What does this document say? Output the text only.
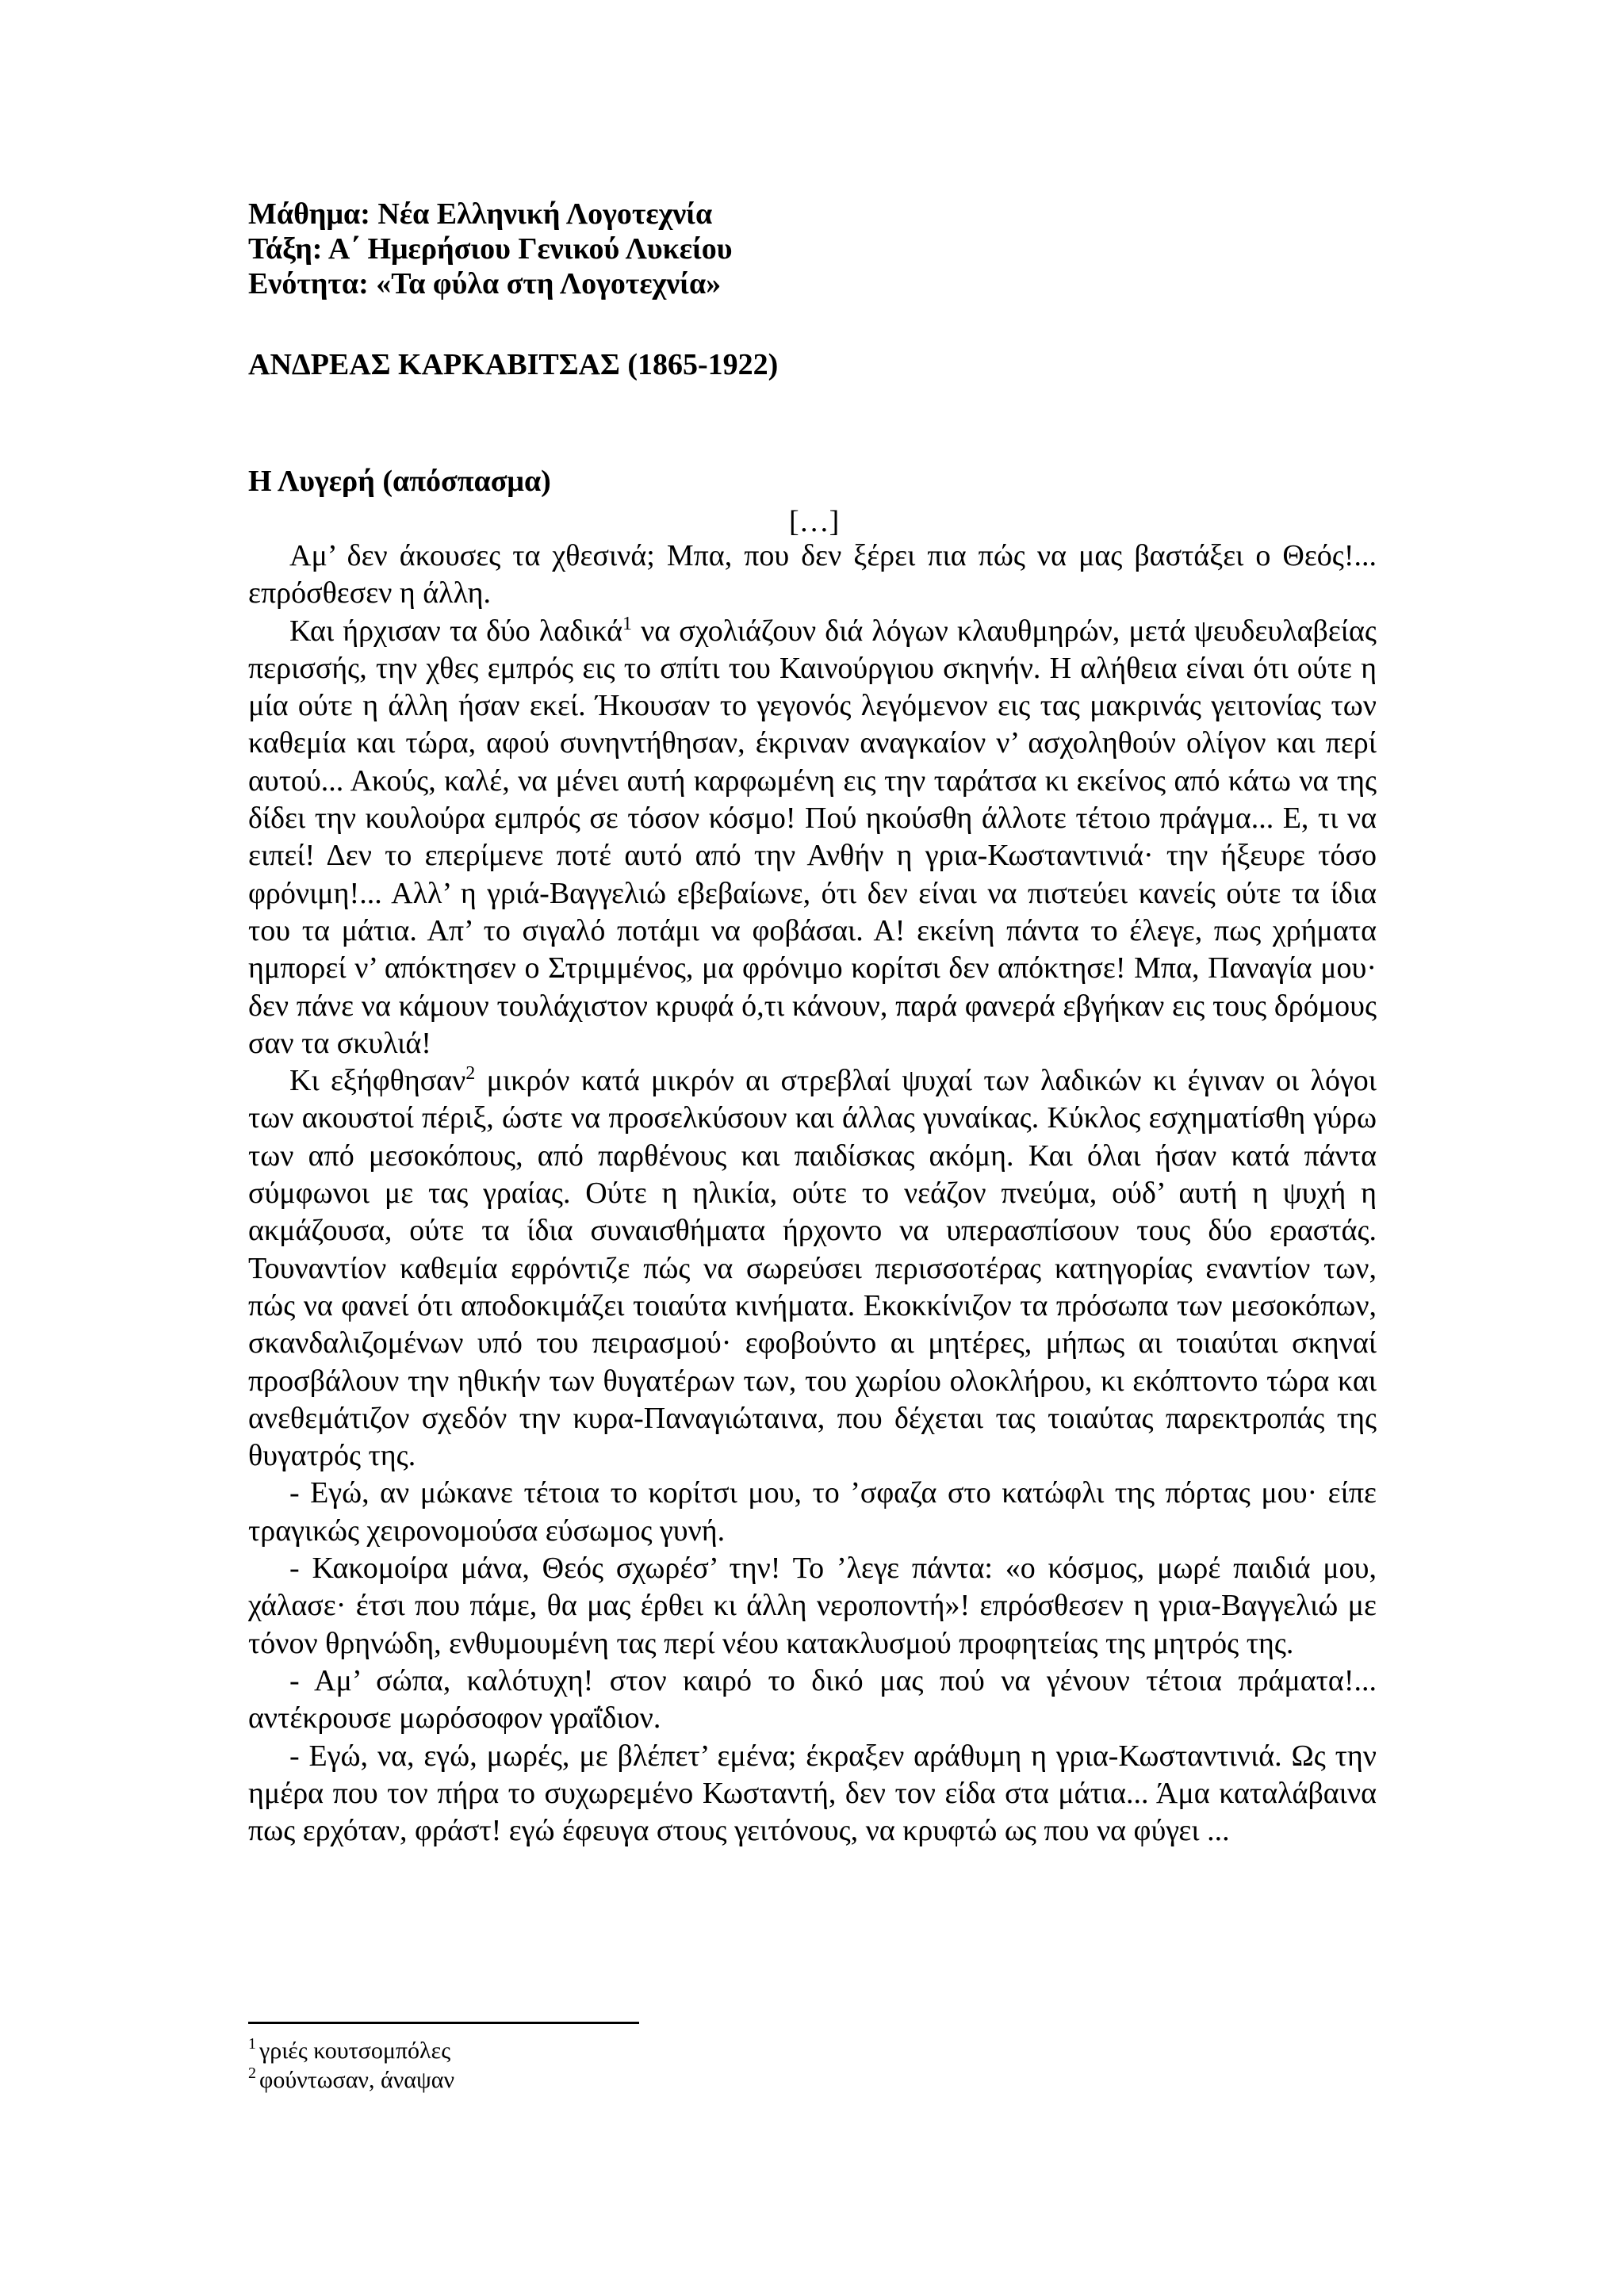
Μάθημα: Νέα Ελληνική Λογοτεχνία
Τάξη: Α΄ Ημερήσιου Γενικού Λυκείου
Ενότητα: «Τα φύλα στη Λογοτεχνία»
ΑΝΔΡΕΑΣ ΚΑΡΚΑΒΙΤΣΑΣ (1865-1922)
Η Λυγερή (απόσπασμα)
[…]

Αμ’ δεν άκουσες τα χθεσινά; Μπα, που δεν ξέρει πια πώς να μας βαστάξει ο Θεός!... επρόσθεσεν η άλλη.

Και ήρχισαν τα δύο λαδικά$^1$ να σχολιάζουν διά λόγων κλαυθμηρών, μετά ψευδευλαβείας περισσής, την χθες εμπρός εις το σπίτι του Καινούργιου σκηνήν. Η αλήθεια είναι ότι ούτε η μία ούτε η άλλη ήσαν εκεί. Ήκουσαν το γεγονός λεγόμενον εις τας μακρινάς γειτονίας των καθεμία και τώρα, αφού συνηντήθησαν, έκριναν αναγκαίον ν’ ασχοληθούν ολίγον και περί αυτού... Ακούς, καλέ, να μένει αυτή καρφωμένη εις την ταράτσα κι εκείνος από κάτω να της δίδει την κουλούρα εμπρός σε τόσον κόσμο! Πού ηκούσθη άλλοτε τέτοιο πράγμα... Ε, τι να ειπεί! Δεν το επερίμενε ποτέ αυτό από την Ανθήν η γρια-Κωσταντινιά· την ήξευρε τόσο φρόνιμη!... Αλλ’ η γριά-Βαγγελιώ εβεβαίωνε, ότι δεν είναι να πιστεύει κανείς ούτε τα ίδια του τα μάτια. Απ’ το σιγαλό ποτάμι να φοβάσαι. Α! εκείνη πάντα το έλεγε, πως χρήματα ημπορεί ν’ απόκτησεν ο Στριμμένος, μα φρόνιμο κορίτσι δεν απόκτησε! Μπα, Παναγία μου· δεν πάνε να κάμουν τουλάχιστον κρυφά ό,τι κάνουν, παρά φανερά εβγήκαν εις τους δρόμους σαν τα σκυλιά!

Κι εξήφθησαν$^2$ μικρόν κατά μικρόν αι στρεβλαί ψυχαί των λαδικών κι έγιναν οι λόγοι των ακουστοί πέριξ, ώστε να προσελκύσουν και άλλας γυναίκας. Κύκλος εσχηματίσθη γύρω των από μεσοκόπους, από παρθένους και παιδίσκας ακόμη. Και όλαι ήσαν κατά πάντα σύμφωνοι με τας γραίας. Ούτε η ηλικία, ούτε το νεάζον πνεύμα, ούδ’ αυτή η ψυχή η ακμάζουσα, ούτε τα ίδια συναισθήματα ήρχοντο να υπερασπίσουν τους δύο εραστάς. Τουναντίον καθεμία εφρόντιζε πώς να σωρεύσει περισσοτέρας κατηγορίας εναντίον των, πώς να φανεί ότι αποδοκιμάζει τοιαύτα κινήματα. Εκοκκίνιζον τα πρόσωπα των μεσοκόπων, σκανδαλιζομένων υπό του πειρασμού· εφοβούντο αι μητέρες, μήπως αι τοιαύται σκηναί προσβάλουν την ηθικήν των θυγατέρων των, του χωρίου ολοκλήρου, κι εκόπτοντο τώρα και ανεθεμάτιζον σχεδόν την κυρα-Παναγιώταινα, που δέχεται τας τοιαύτας παρεκτροπάς της θυγατρός της.

- Εγώ, αν μώκανε τέτοια το κορίτσι μου, το ’σφαζα στο κατώφλι της πόρτας μου· είπε τραγικώς χειρονομούσα εύσωμος γυνή.

- Κακομοίρα μάνα, Θεός σχωρέσ’ την! Το ’λεγε πάντα: «ο κόσμος, μωρέ παιδιά μου, χάλασε· έτσι που πάμε, θα μας έρθει κι άλλη νεροποντή»! επρόσθεσεν η γρια-Βαγγελιώ με τόνον θρηνώδη, ενθυμουμένη τας περί νέου κατακλυσμού προφητείας της μητρός της.

- Αμ’ σώπα, καλότυχη! στον καιρό το δικό μας πού να γένουν τέτοια πράματα!... αντέκρουσε μωρόσοφον γραΐδιον.

- Εγώ, να, εγώ, μωρές, με βλέπετ’ εμένα; έκραξεν αράθυμη η γρια-Κωσταντινιά. Ως την ημέρα που τον πήρα το συχωρεμένο Κωσταντή, δεν τον είδα στα μάτια... Άμα καταλάβαινα πως ερχόταν, φράστ! εγώ έφευγα στους γειτόνους, να κρυφτώ ως που να φύγει ...

$^1$ γριές κουτσομπόλες
$^2$ φούντωσαν, άναψαν
